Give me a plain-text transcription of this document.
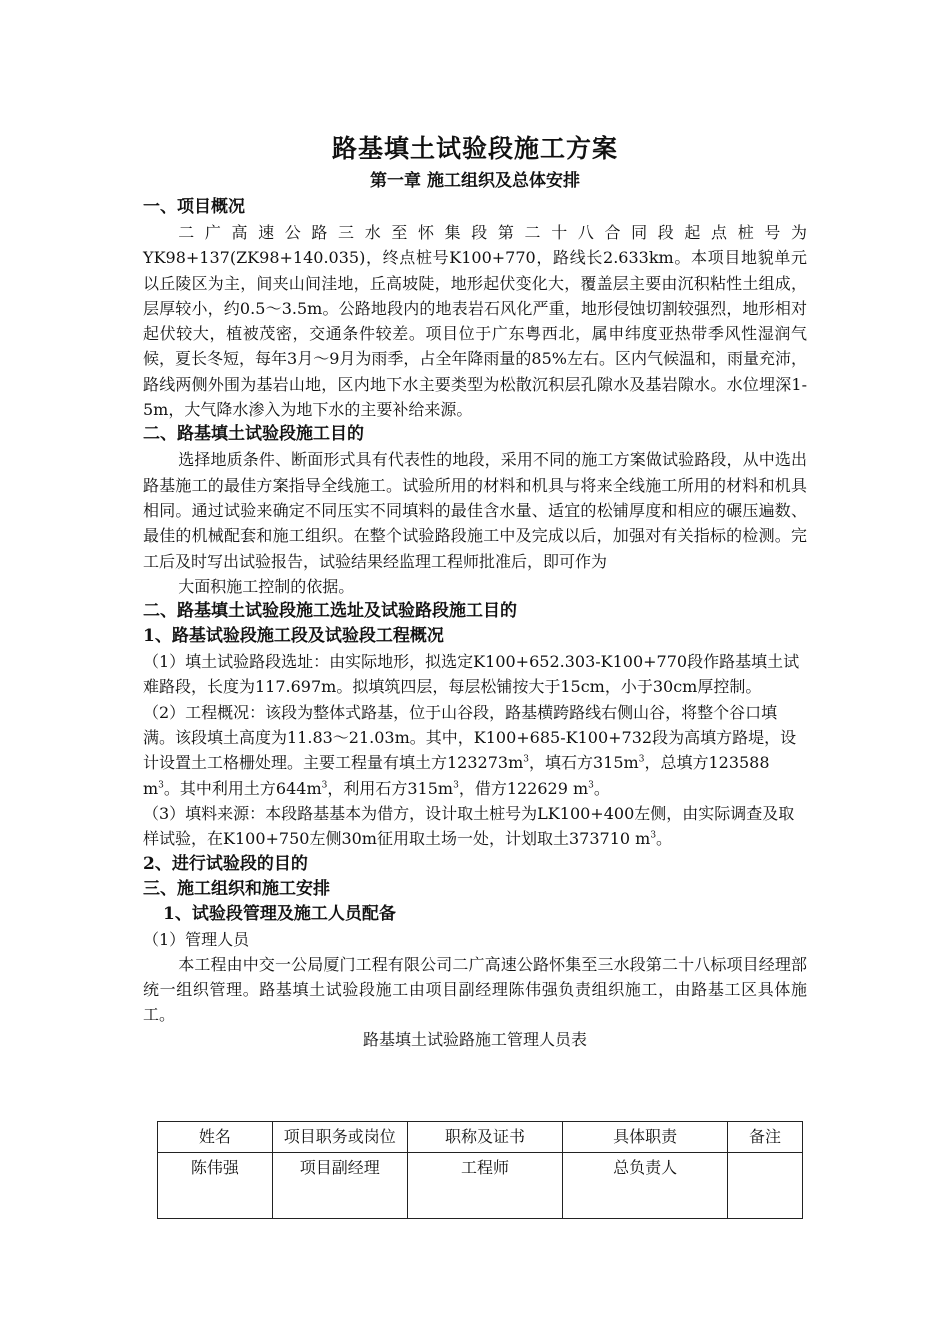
路基填土试验段施工方案
第一章 施工组织及总体安排
一、项目概况
二广高速公路三水至怀集段第二十八合同段起点桩号为
YK98+137(ZK98+140.035)，终点桩号K100+770，路线长2.633km。本项目地貌单元以丘陵区为主，间夹山间洼地，丘高坡陡，地形起伏变化大，覆盖层主要由沉积粘性土组成，层厚较小，约0.5～3.5m。公路地段内的地表岩石风化严重，地形侵蚀切割较强烈，地形相对起伏较大，植被茂密，交通条件较差。项目位于广东粤西北，属申纬度亚热带季风性湿润气候，夏长冬短，每年3月～9月为雨季，占全年降雨量的85%左右。区内气候温和，雨量充沛，路线两侧外围为基岩山地，区内地下水主要类型为松散沉积层孔隙水及基岩隙水。水位埋深1-5m，大气降水渗入为地下水的主要补给来源。
二、路基填土试验段施工目的
选择地质条件、断面形式具有代表性的地段，采用不同的施工方案做试验路段，从中选出路基施工的最佳方案指导全线施工。试验所用的材料和机具与将来全线施工所用的材料和机具相同。通过试验来确定不同压实不同填料的最佳含水量、适宜的松铺厚度和相应的碾压遍数、最佳的机械配套和施工组织。在整个试验路段施工中及完成以后，加强对有关指标的检测。完工后及时写出试验报告，试验结果经监理工程师批准后，即可作为
大面积施工控制的依据。
二、路基填土试验段施工选址及试验路段施工目的
1、路基试验段施工段及试验段工程概况
（1）填土试验路段选址：由实际地形，拟选定K100+652.303-K100+770段作路基填土试难路段，长度为117.697m。拟填筑四层，每层松铺按大于15cm，小于30cm厚控制。
（2）工程概况：该段为整体式路基，位于山谷段，路基横跨路线右侧山谷，将整个谷口填满。该段填土高度为11.83～21.03m。其中，K100+685-K100+732段为高填方路堤，设计设置土工格栅处理。主要工程量有填土方$123273m^3$，填石方$315m^3$，总填方123588 $m^3$。其中利用土方$644m^3$，利用石方$315m^3$，借方122629 $m^3$。
（3）填料来源：本段路基基本为借方，设计取土桩号为LK100+400左侧，由实际调查及取样试验，在K100+750左侧30m征用取土场一处，计划取土373710 $m^3$。
2、进行试验段的目的
三、施工组织和施工安排
1、试验段管理及施工人员配备
（1）管理人员
本工程由中交一公局厦门工程有限公司二广高速公路怀集至三水段第二十八标项目经理部统一组织管理。路基填土试验段施工由项目副经理陈伟强负责组织施工，由路基工区具体施工。
路基填土试验路施工管理人员表
姓名	项目职务或岗位	职称及证书	具体职责	备注
陈伟强	项目副经理	工程师	总负责人	
